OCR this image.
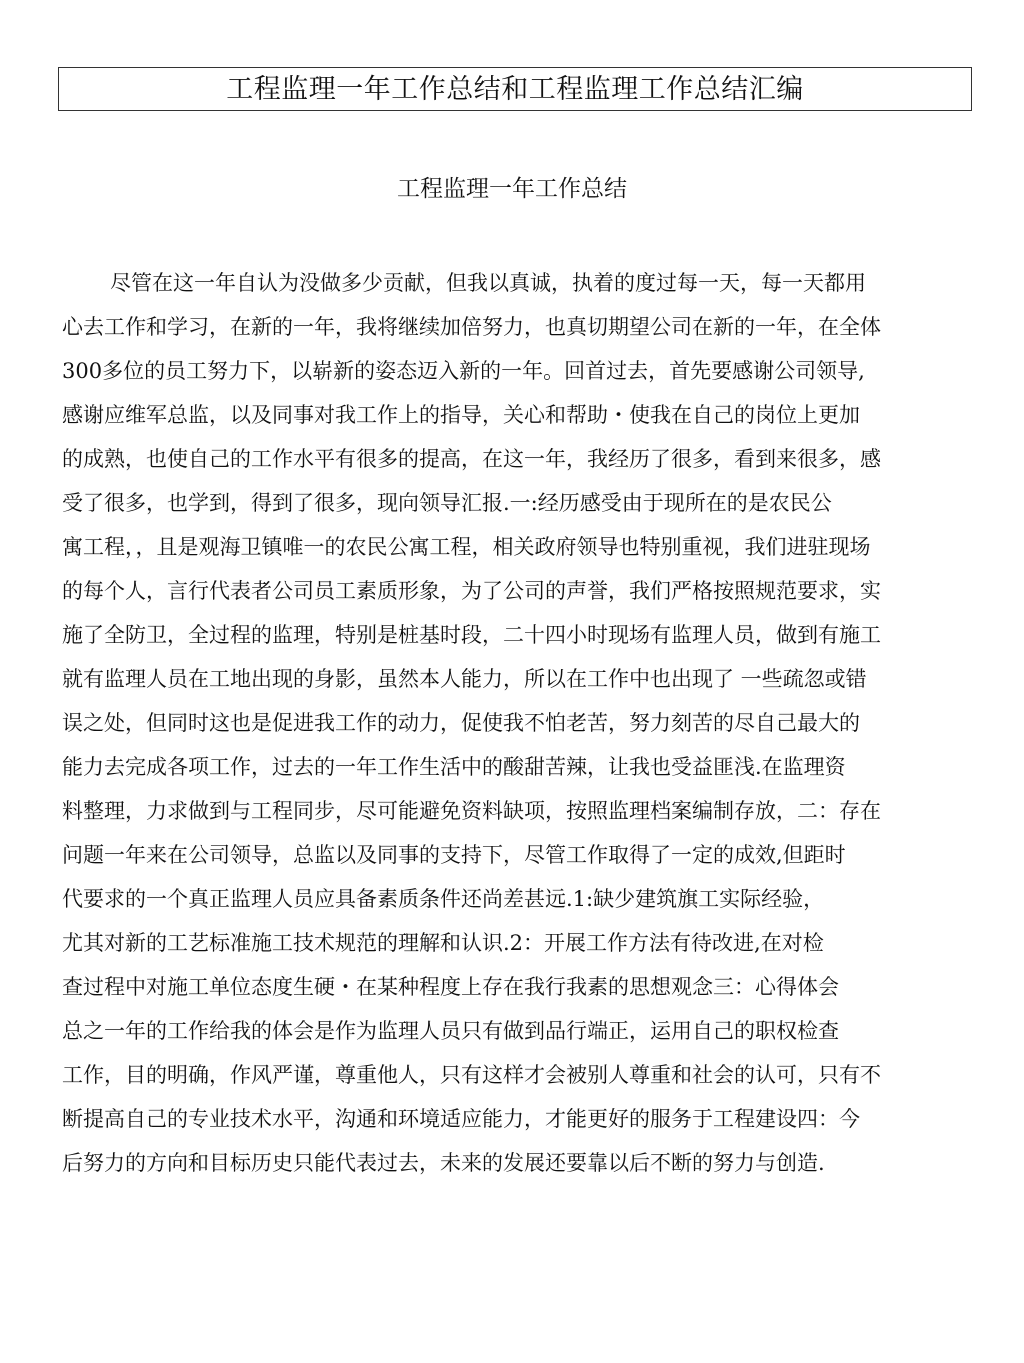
工程监理一年工作总结和工程监理工作总结汇编
工程监理一年工作总结
尽管在这一年自认为没做多少贡献，但我以真诚，执着的度过每一天，每一天都用
心去工作和学习，在新的一年，我将继续加倍努力，也真切期望公司在新的一年，在全体
300多位的员工努力下，以崭新的姿态迈入新的一年。回首过去，首先要感谢公司领导,
感谢应维军总监，以及同事对我工作上的指导，关心和帮助・使我在自己的岗位上更加
的成熟，也使自己的工作水平有很多的提高，在这一年，我经历了很多，看到来很多，感
受了很多，也学到，得到了很多，现向领导汇报.一:经历感受由于现所在的是农民公
寓工程，，且是观海卫镇唯一的农民公寓工程，相关政府领导也特别重视，我们进驻现场
的每个人，言行代表者公司员工素质形象，为了公司的声誉，我们严格按照规范要求，实
施了全防卫，全过程的监理，特别是桩基时段，二十四小时现场有监理人员，做到有施工
就有监理人员在工地出现的身影，虽然本人能力，所以在工作中也出现了 一些疏忽或错
误之处，但同时这也是促进我工作的动力，促使我不怕老苦，努力刻苦的尽自己最大的
能力去完成各项工作，过去的一年工作生活中的酸甜苦辣，让我也受益匪浅.在监理资
料整理，力求做到与工程同步，尽可能避免资料缺项，按照监理档案编制存放，二：存在
问题一年来在公司领导，总监以及同事的支持下，尽管工作取得了一定的成效,但距时
代要求的一个真正监理人员应具备素质条件还尚差甚远.1:缺少建筑旗工实际经验，
尤其对新的工艺标准施工技术规范的理解和认识.2：开展工作方法有待改进,在对检
查过程中对施工单位态度生硬・在某种程度上存在我行我素的思想观念三：心得体会
总之一年的工作给我的体会是作为监理人员只有做到品行端正，运用自己的职权检查
工作，目的明确，作风严谨，尊重他人，只有这样才会被别人尊重和社会的认可，只有不
断提高自己的专业技术水平，沟通和环境适应能力，才能更好的服务于工程建设四：今
后努力的方向和目标历史只能代表过去，未来的发展还要靠以后不断的努力与创造.
